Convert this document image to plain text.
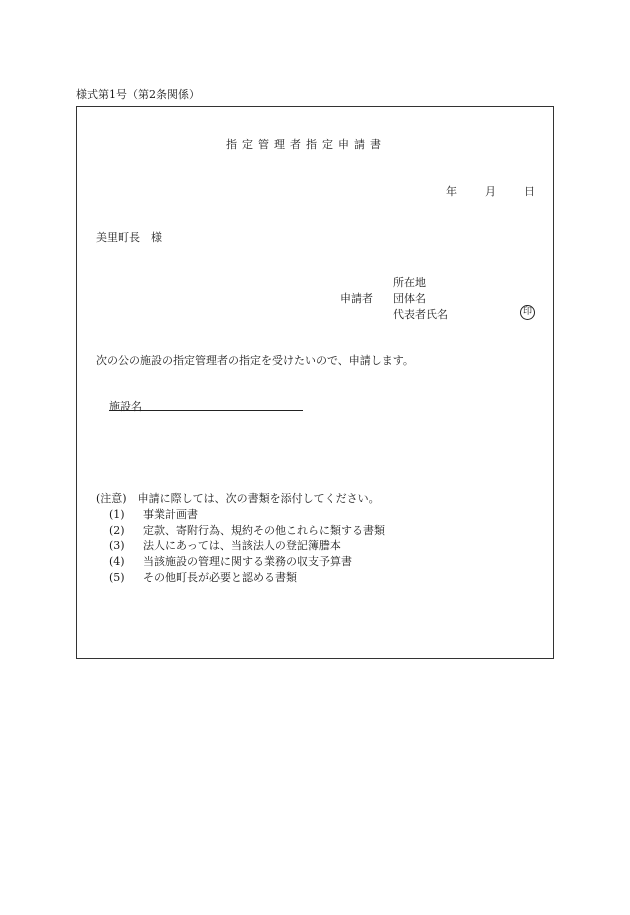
様式第1号（第2条関係）
指定管理者指定申請書
年	月	日
美里町長　様
申請者
所在地
団体名
代表者氏名	印
次の公の施設の指定管理者の指定を受けたいので、申請します。
施設名
(注意)　申請に際しては、次の書類を添付してください。
(1) 事業計画書
(2) 定款、寄附行為、規約その他これらに類する書類
(3) 法人にあっては、当該法人の登記簿謄本
(4) 当該施設の管理に関する業務の収支予算書
(5) その他町長が必要と認める書類
